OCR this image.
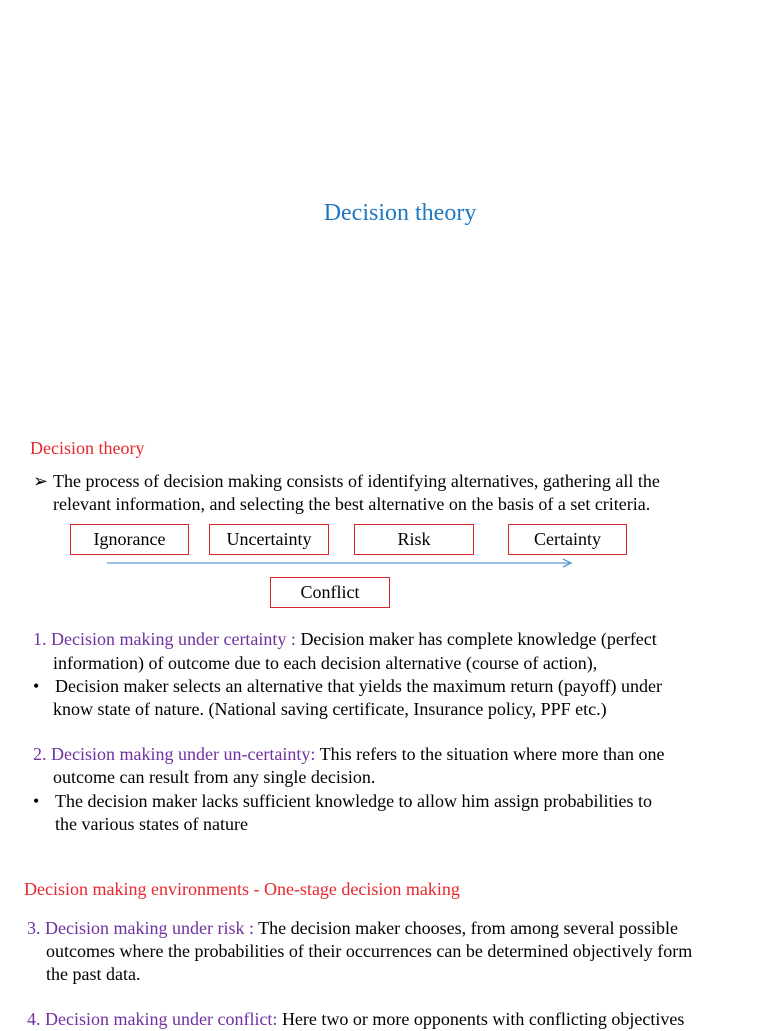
Decision theory
Decision theory
➢ The process of decision making consists of identifying alternatives, gathering all the
relevant information, and selecting the best alternative on the basis of a set criteria.
Ignorance	Uncertainty	Risk	Certainty
Conflict
1. Decision making under certainty : Decision maker has complete knowledge (perfect
information) of outcome due to each decision alternative (course of action),
• Decision maker selects an alternative that yields the maximum return (payoff) under
know state of nature. (National saving certificate, Insurance policy, PPF etc.)
2. Decision making under un-certainty: This refers to the situation where more than one
outcome can result from any single decision.
• The decision maker lacks sufficient knowledge to allow him assign probabilities to
the various states of nature
Decision making environments - One-stage decision making
3. Decision making under risk : The decision maker chooses, from among several possible
outcomes where the probabilities of their occurrences can be determined objectively form
the past data.
4. Decision making under conflict: Here two or more opponents with conflicting objectives
